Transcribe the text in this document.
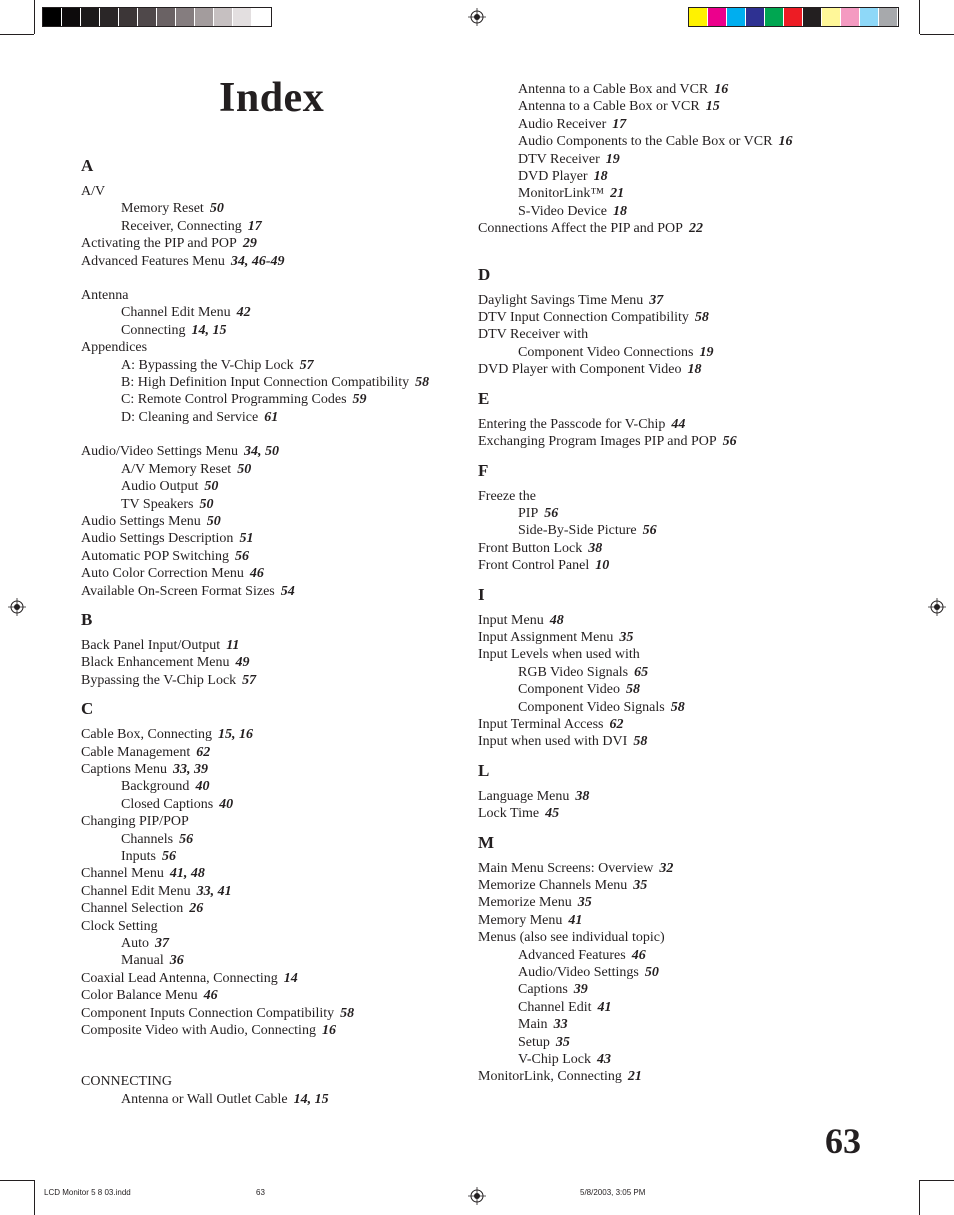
Index
A
A/V
Memory Reset 50
Receiver, Connecting 17
Activating the PIP and POP 29
Advanced Features Menu 34, 46-49
Antenna
Channel Edit Menu 42
Connecting 14, 15
Appendices
A: Bypassing the V-Chip Lock 57
B: High Definition Input Connection Compatibility 58
C: Remote Control Programming Codes 59
D: Cleaning and Service 61
Audio/Video Settings Menu 34, 50
A/V Memory Reset 50
Audio Output 50
TV Speakers 50
Audio Settings Menu 50
Audio Settings Description 51
Automatic POP Switching 56
Auto Color Correction Menu 46
Available On-Screen Format Sizes 54
B
Back Panel Input/Output 11
Black Enhancement Menu 49
Bypassing the V-Chip Lock 57
C
Cable Box, Connecting 15, 16
Cable Management 62
Captions Menu 33, 39
Background 40
Closed Captions 40
Changing PIP/POP
Channels 56
Inputs 56
Channel Menu 41, 48
Channel Edit Menu 33, 41
Channel Selection 26
Clock Setting
Auto 37
Manual 36
Coaxial Lead Antenna, Connecting 14
Color Balance Menu 46
Component Inputs Connection Compatibility 58
Composite Video with Audio, Connecting 16
CONNECTING
Antenna or Wall Outlet Cable 14, 15
Antenna to a Cable Box and VCR 16
Antenna to a Cable Box or VCR 15
Audio Receiver 17
Audio Components to the Cable Box or VCR 16
DTV Receiver 19
DVD Player 18
MonitorLink™ 21
S-Video Device 18
Connections Affect the PIP and POP 22
D
Daylight Savings Time Menu 37
DTV Input Connection Compatibility 58
DTV Receiver with
Component Video Connections 19
DVD Player with Component Video 18
E
Entering the Passcode for V-Chip 44
Exchanging Program Images PIP and POP 56
F
Freeze the
PIP 56
Side-By-Side Picture 56
Front Button Lock 38
Front Control Panel 10
I
Input Menu 48
Input Assignment Menu 35
Input Levels when used with
RGB Video Signals 65
Component Video 58
Component Video Signals 58
Input Terminal Access 62
Input when used with DVI 58
L
Language Menu 38
Lock Time 45
M
Main Menu Screens: Overview 32
Memorize Channels Menu 35
Memorize Menu 35
Memory Menu 41
Menus (also see individual topic)
Advanced Features 46
Audio/Video Settings 50
Captions 39
Channel Edit 41
Main 33
Setup 35
V-Chip Lock 43
MonitorLink, Connecting 21
63
LCD Monitor 5 8 03.indd	63	5/8/2003, 3:05 PM
